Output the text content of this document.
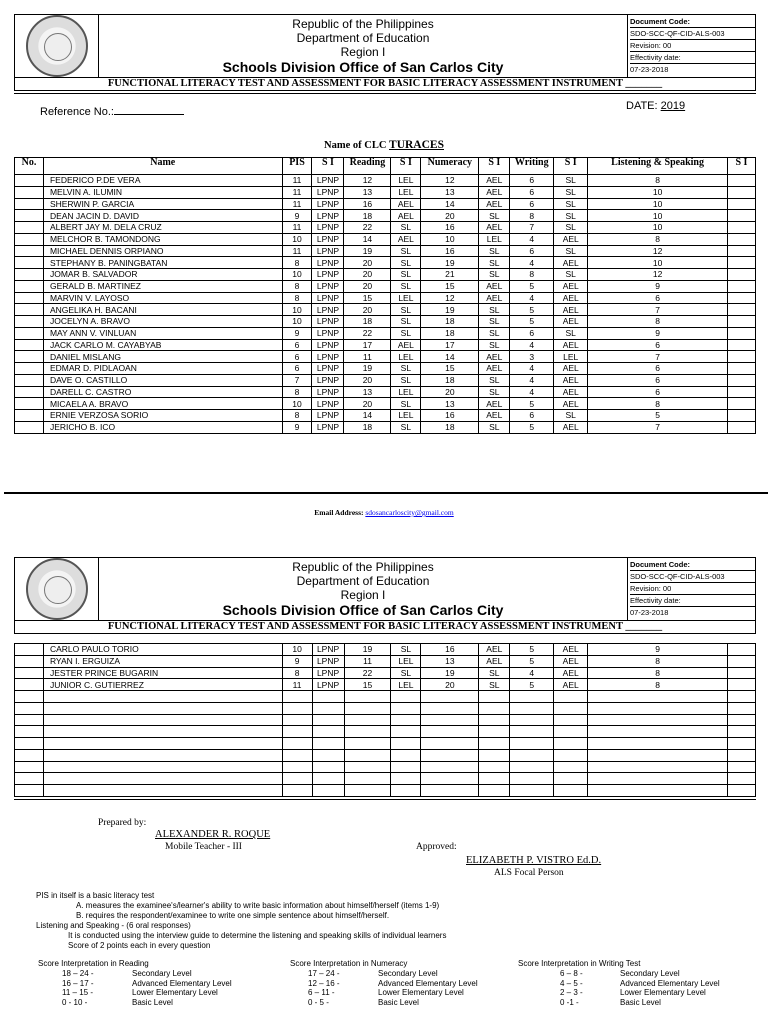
Republic of the Philippines
Department of Education
Region I
Schools Division Office of San Carlos City

Document Code:
SDO-SCC-QF-CID-ALS-003
Revision: 00
Effectivity date:
07-23-2018
FUNCTIONAL LITERACY TEST AND ASSESSMENT FOR BASIC LITERACY ASSESSMENT INSTRUMENT _______
Reference No.:	DATE: 2019
Name of CLC TURACES
No.	Name	PIS	S I	Reading	S I	Numeracy	S I	Writing	S I	Listening & Speaking	S I
	FEDERICO P.DE VERA	11	LPNP	12	LEL	12	AEL	6	SL	8	
	MELVIN A. ILUMIN	11	LPNP	13	LEL	13	AEL	6	SL	10	
	SHERWIN P. GARCIA	11	LPNP	16	AEL	14	AEL	6	SL	10	
	DEAN JACIN D. DAVID	9	LPNP	18	AEL	20	SL	8	SL	10	
	ALBERT JAY M. DELA CRUZ	11	LPNP	22	SL	16	AEL	7	SL	10	
	MELCHOR B. TAMONDONG	10	LPNP	14	AEL	10	LEL	4	AEL	8	
	MICHAEL DENNIS ORPIANO	11	LPNP	19	SL	16	SL	6	SL	12	
	STEPHANY B. PANINGBATAN	8	LPNP	20	SL	19	SL	4	AEL	10	
	JOMAR B. SALVADOR	10	LPNP	20	SL	21	SL	8	SL	12	
	GERALD B. MARTINEZ	8	LPNP	20	SL	15	AEL	5	AEL	9	
	MARVIN V. LAYOSO	8	LPNP	15	LEL	12	AEL	4	AEL	6	
	ANGELIKA H. BACANI	10	LPNP	20	SL	19	SL	5	AEL	7	
	JOCELYN A. BRAVO	10	LPNP	18	SL	18	SL	5	AEL	8	
	MAY ANN V. VINLUAN	9	LPNP	22	SL	18	SL	6	SL	9	
	JACK CARLO M. CAYABYAB	6	LPNP	17	AEL	17	SL	4	AEL	6	
	DANIEL MISLANG	6	LPNP	11	LEL	14	AEL	3	LEL	7	
	EDMAR D. PIDLAOAN	6	LPNP	19	SL	15	AEL	4	AEL	6	
	DAVE O. CASTILLO	7	LPNP	20	SL	18	SL	4	AEL	6	
	DARELL C. CASTRO	8	LPNP	13	LEL	20	SL	4	AEL	6	
	MICAELA A. BRAVO	10	LPNP	20	SL	13	AEL	5	AEL	8	
	ERNIE VERZOSA SORIO	8	LPNP	14	LEL	16	AEL	6	SL	5	
	JERICHO B. ICO	9	LPNP	18	SL	18	SL	5	AEL	7	
Email Address: sdosancarloscity@gmail.com

Republic of the Philippines
Department of Education
Region I
Schools Division Office of San Carlos City

Document Code:
SDO-SCC-QF-CID-ALS-003
Revision: 00
Effectivity date:
07-23-2018
FUNCTIONAL LITERACY TEST AND ASSESSMENT FOR BASIC LITERACY ASSESSMENT INSTRUMENT _______
	CARLO PAULO TORIO	10	LPNP	19	SL	16	AEL	5	AEL	9	
	RYAN I. ERGUIZA	9	LPNP	11	LEL	13	AEL	5	AEL	8	
	JESTER PRINCE BUGARIN	8	LPNP	22	SL	19	SL	4	AEL	8	
	JUNIOR C. GUTIERREZ	11	LPNP	15	LEL	20	SL	5	AEL	8	

Prepared by:
ALEXANDER R. ROQUE
Mobile Teacher - III	Approved:
ELIZABETH P. VISTRO Ed.D.
ALS Focal Person
PIS in itself is a basic literacy test
A. measures the examinee's/learner's ability to write basic information about himself/herself (items 1-9)
B. requires the respondent/examinee to write one simple sentence about himself/herself.
Listening and Speaking - (6 oral responses)
It is conducted using the interview guide to determine the listening and speaking skills of individual learners
Score of 2 points each in every question
Score Interpretation in Reading	Score Interpretation in Numeracy	Score Interpretation in Writing Test
18 – 24 -	Secondary Level
16 – 17 -	Advanced Elementary Level
11 – 15 -	Lower Elementary Level
0 - 10 -	Basic Level
17 – 24 -	Secondary Level
12 – 16 -	Advanced Elementary Level
6 – 11 -	Lower Elementary Level
0 - 5 -	Basic Level
6 – 8 -	Secondary Level
4 – 5 -	Advanced Elementary Level
2 – 3 -	Lower Elementary Level
0 -1 -	Basic Level
